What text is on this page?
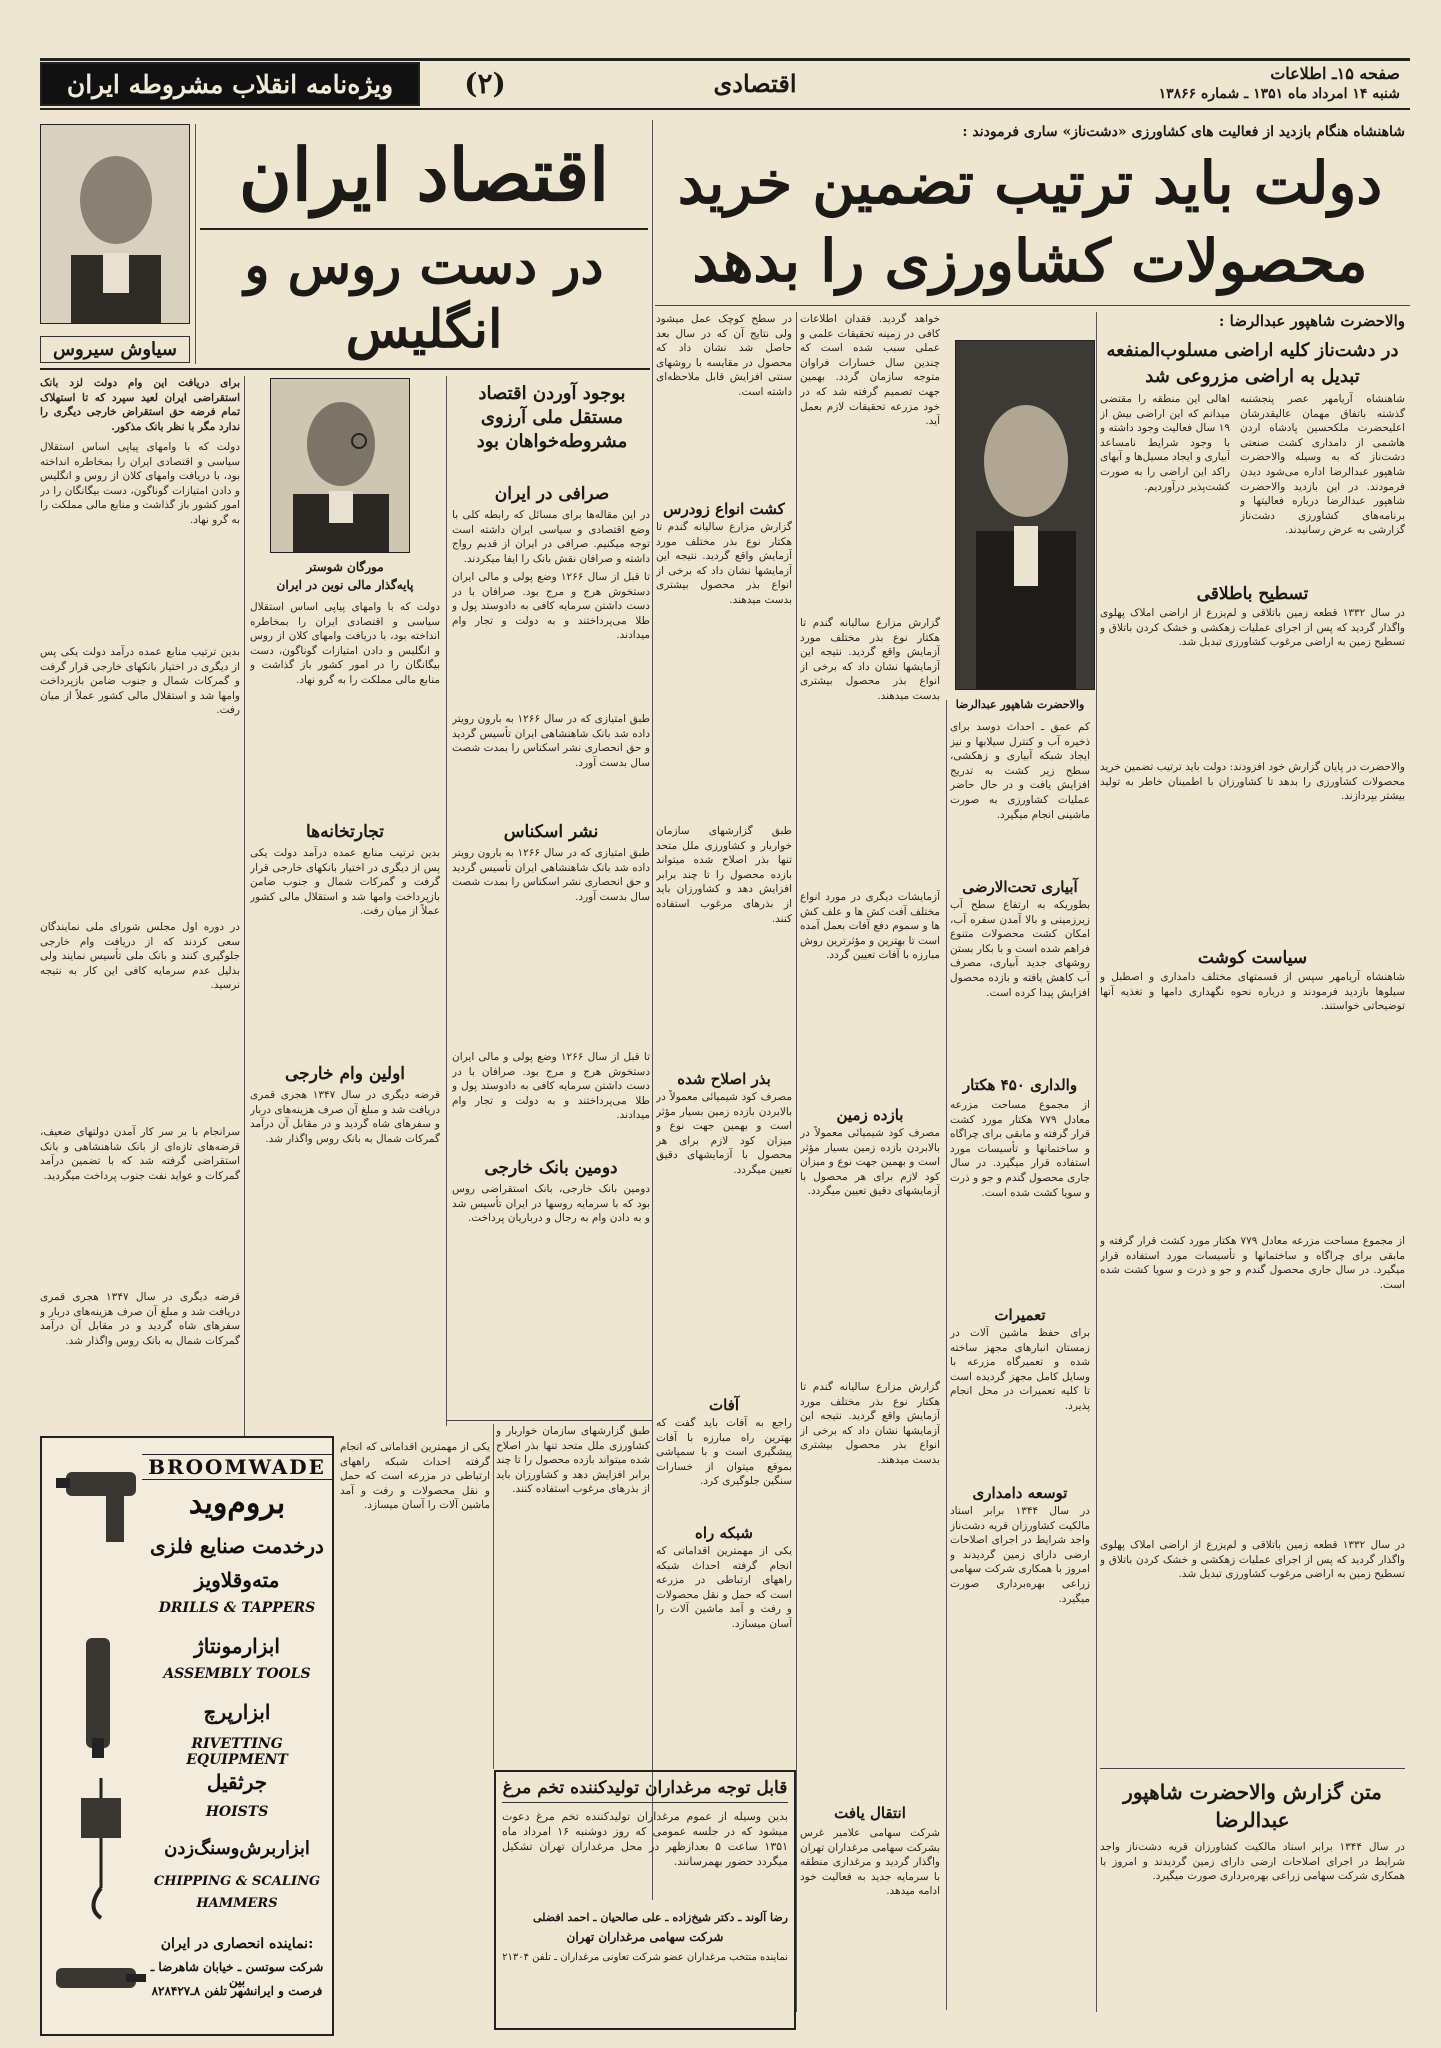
ویژه‌نامه انقلاب مشروطه ایران	(۲)	اقتصادی	صفحه ۱۵ـ اطلاعات
شنبه ۱۴ امرداد ماه ۱۳۵۱ ـ شماره ۱۳۸۶۶
شاهنشاه هنگام بازدید از فعالیت های کشاورزی «دشت‌ناز» ساری فرمودند :
دولت باید ترتیب تضمین خرید
محصولات کشاورزی را بدهد
سیاوش سیروس
اقتصاد ایران
در دست روس و انگلیس
برای دریافت این وام دولت لزد بانک استقراضی ایران لعید سپرد که تا استهلاک تمام فرضه حق استقراض خارجی دیگری را ندارد مگر با نظر بانک مذکور.
دولت که با وامهای پیاپی اساس استقلال سیاسی و اقتصادی ایران را بمخاطره انداخته بود، با دریافت وامهای کلان از روس و انگلیس و دادن امتیازات گوناگون، دست بیگانگان را در امور کشور باز گذاشت و منابع مالی مملکت را به گرو نهاد.
بدین ترتیب منابع عمده درآمد دولت یکی پس از دیگری در اختیار بانکهای خارجی قرار گرفت و گمرکات شمال و جنوب ضامن بازپرداخت وامها شد و استقلال مالی کشور عملاً از میان رفت.
در دوره اول مجلس شورای ملی نمایندگان سعی کردند که از دریافت وام خارجی جلوگیری کنند و بانک ملی تأسیس نمایند ولی بدلیل عدم سرمایه کافی این کار به نتیجه نرسید.
سرانجام با بر سر کار آمدن دولتهای ضعیف، قرضه‌های تازه‌ای از بانک شاهنشاهی و بانک استقراضی گرفته شد که با تضمین درآمد گمرکات و عواید نفت جنوب پرداخت میگردید.
قرضه دیگری در سال ۱۳۴۷ هجری قمری دریافت شد و مبلغ آن صرف هزینه‌های دربار و سفرهای شاه گردید و در مقابل آن درآمد گمرکات شمال به بانک روس واگذار شد.
مورگان شوستر
پایه‌گذار مالی نوین در ایران
دولت که با وامهای پیاپی اساس استقلال سیاسی و اقتصادی ایران را بمخاطره انداخته بود، با دریافت وامهای کلان از روس و انگلیس و دادن امتیازات گوناگون، دست بیگانگان را در امور کشور باز گذاشت و منابع مالی مملکت را به گرو نهاد.
تجارتخانه‌ها
بدین ترتیب منابع عمده درآمد دولت یکی پس از دیگری در اختیار بانکهای خارجی قرار گرفت و گمرکات شمال و جنوب ضامن بازپرداخت وامها شد و استقلال مالی کشور عملاً از میان رفت.
اولین وام خارجی
قرضه دیگری در سال ۱۳۴۷ هجری قمری دریافت شد و مبلغ آن صرف هزینه‌های دربار و سفرهای شاه گردید و در مقابل آن درآمد گمرکات شمال به بانک روس واگذار شد.
بوجود آوردن اقتصاد مستقل ملی آرزوی مشروطه‌خواهان بود
صرافی در ایران
در این مقاله‌ها برای مسائل که رابطه کلی با وضع اقتصادی و سیاسی ایران داشته است توجه میکنیم. صرافی در ایران از قدیم رواج داشته و صرافان نقش بانک را ایفا میکردند.
تا قبل از سال ۱۲۶۶ وضع پولی و مالی ایران دستخوش هرج و مرج بود. صرافان با در دست داشتن سرمایه کافی به دادوستد پول و طلا می‌پرداختند و به دولت و تجار وام میدادند.
طبق امتیازی که در سال ۱۲۶۶ به بارون رویتر داده شد بانک شاهنشاهی ایران تأسیس گردید و حق انحصاری نشر اسکناس را بمدت شصت سال بدست آورد.
نشر اسکناس
طبق امتیازی که در سال ۱۲۶۶ به بارون رویتر داده شد بانک شاهنشاهی ایران تأسیس گردید و حق انحصاری نشر اسکناس را بمدت شصت سال بدست آورد.
تا قبل از سال ۱۲۶۶ وضع پولی و مالی ایران دستخوش هرج و مرج بود. صرافان با در دست داشتن سرمایه کافی به دادوستد پول و طلا می‌پرداختند و به دولت و تجار وام میدادند.
دومین بانک خارجی
دومین بانک خارجی، بانک استقراضی روس بود که با سرمایه روسها در ایران تأسیس شد و به دادن وام به رجال و درباریان پرداخت.
والاحضرت شاهپور عبدالرضا :
در دشت‌ناز کلیه اراضی مسلوب‌المنفعه
تبدیل به اراضی مزروعی شد
شاهنشاه آریامهر عصر پنجشنبه گذشته باتفاق مهمان عالیقدرشان اعلیحضرت ملکحسین پادشاه اردن هاشمی از دامداری کشت صنعتی دشت‌ناز که به وسیله والاحضرت شاهپور عبدالرضا اداره می‌شود دیدن فرمودند. در این بازدید والاحضرت شاهپور عبدالرضا درباره فعالیتها و برنامه‌های کشاورزی دشت‌ناز گزارشی به عرض رسانیدند.
اهالی این منطقه را مقتضی میدانم که این اراضی بیش از ۱۹ سال فعالیت وجود داشته و با وجود شرایط نامساعد آبیاری و ایجاد مسیل‌ها و آبهای راکد این اراضی را به صورت کشت‌پذیر درآوردیم.
والاحضرت شاهپور عبدالرضا
تسطیح باطلاقی
در سال ۱۳۳۲ قطعه زمین باتلاقی و لم‌یزرع از اراضی املاک پهلوی واگذار گردید که پس از اجرای عملیات زهکشی و خشک کردن باتلاق و تسطیح زمین به اراضی مرغوب کشاورزی تبدیل شد.
کم عمق ـ احداث دوسد برای ذخیره آب و کنترل سیلابها و نیز ایجاد شبکه آبیاری و زهکشی، سطح زیر کشت به تدریج افزایش یافت و در حال حاضر عملیات کشاورزی به صورت ماشینی انجام میگیرد.
آبیاری تحت‌الارضی
بطوریکه به ارتفاع سطح آب زیرزمینی و بالا آمدن سفره آب، امکان کشت محصولات متنوع فراهم شده است و با بکار بستن روشهای جدید آبیاری، مصرف آب کاهش یافته و بازده محصول افزایش پیدا کرده است.
والداری ۴۵۰ هکتار
از مجموع مساحت مزرعه معادل ۷۷۹ هکتار مورد کشت قرار گرفته و مابقی برای چراگاه و ساختمانها و تأسیسات مورد استفاده قرار میگیرد. در سال جاری محصول گندم و جو و ذرت و سویا کشت شده است.
تعمیرات
برای حفظ ماشین آلات در زمستان انبارهای مجهز ساخته شده و تعمیرگاه مزرعه با وسایل کامل مجهز گردیده است تا کلیه تعمیرات در محل انجام پذیرد.
توسعه دامداری
در سال ۱۳۴۴ برابر اسناد مالکیت کشاورزان قریه دشت‌ناز واجد شرایط در اجرای اصلاحات ارضی دارای زمین گردیدند و امروز با همکاری شرکت سهامی زراعی بهره‌برداری صورت میگیرد.
والاحضرت در پایان گزارش خود افزودند: دولت باید ترتیب تضمین خرید محصولات کشاورزی را بدهد تا کشاورزان با اطمینان خاطر به تولید بیشتر بپردازند.
سیاست کوشت
شاهنشاه آریامهر سپس از قسمتهای مختلف دامداری و اصطبل و سیلوها بازدید فرمودند و درباره نحوه نگهداری دامها و تغذیه آنها توضیحاتی خواستند.
از مجموع مساحت مزرعه معادل ۷۷۹ هکتار مورد کشت قرار گرفته و مابقی برای چراگاه و ساختمانها و تأسیسات مورد استفاده قرار میگیرد. در سال جاری محصول گندم و جو و ذرت و سویا کشت شده است.
در سال ۱۳۳۲ قطعه زمین باتلاقی و لم‌یزرع از اراضی املاک پهلوی واگذار گردید که پس از اجرای عملیات زهکشی و خشک کردن باتلاق و تسطیح زمین به اراضی مرغوب کشاورزی تبدیل شد.
متن گزارش والاحضرت شاهپور عبدالرضا
در سال ۱۳۴۴ برابر اسناد مالکیت کشاورزان قریه دشت‌ناز واجد شرایط در اجرای اصلاحات ارضی دارای زمین گردیدند و امروز با همکاری شرکت سهامی زراعی بهره‌برداری صورت میگیرد.
خواهد گردید. فقدان اطلاعات کافی در زمینه تحقیقات علمی و عملی سبب شده است که چندین سال خسارات فراوان متوجه سازمان گردد. بهمین جهت تصمیم گرفته شد که در خود مزرعه تحقیقات لازم بعمل آید.
گزارش مزارع سالیانه گندم تا هکتار نوع بذر مختلف مورد آزمایش واقع گردید. نتیجه این آزمایشها نشان داد که برخی از انواع بذر محصول بیشتری بدست میدهند.
آزمایشات دیگری در مورد انواع مختلف آفت کش ها و علف کش ها و سموم دفع آفات بعمل آمده است تا بهترین و مؤثرترین روش مبارزه با آفات تعیین گردد.
بازده زمین
مصرف کود شیمیائی معمولاً در بالابردن بازده زمین بسیار مؤثر است و بهمین جهت نوع و میزان کود لازم برای هر محصول با آزمایشهای دقیق تعیین میگردد.
گزارش مزارع سالیانه گندم تا هکتار نوع بذر مختلف مورد آزمایش واقع گردید. نتیجه این آزمایشها نشان داد که برخی از انواع بذر محصول بیشتری بدست میدهند.
انتقال یافت
شرکت سهامی علامیر غرس بشرکت سهامی مرغداران تهران واگذار گردید و مرغداری منطقه با سرمایه جدید به فعالیت خود ادامه میدهد.
در سطح کوچک عمل میشود ولی نتایج آن که در سال بعد حاصل شد نشان داد که محصول در مقایسه با روشهای سنتی افزایش قابل ملاحظه‌ای داشته است.
کشت انواع زودرس
گزارش مزارع سالیانه گندم تا هکتار نوع بذر مختلف مورد آزمایش واقع گردید. نتیجه این آزمایشها نشان داد که برخی از انواع بذر محصول بیشتری بدست میدهند.
طبق گزارشهای سازمان خواربار و کشاورزی ملل متحد تنها بذر اصلاح شده میتواند بازده محصول را تا چند برابر افزایش دهد و کشاورزان باید از بذرهای مرغوب استفاده کنند.
بذر اصلاح شده
مصرف کود شیمیائی معمولاً در بالابردن بازده زمین بسیار مؤثر است و بهمین جهت نوع و میزان کود لازم برای هر محصول با آزمایشهای دقیق تعیین میگردد.
آفات
راجع به آفات باید گفت که بهترین راه مبارزه با آفات پیشگیری است و با سمپاشی بموقع میتوان از خسارات سنگین جلوگیری کرد.
شبکه راه
یکی از مهمترین اقداماتی که انجام گرفته احداث شبکه راههای ارتباطی در مزرعه است که حمل و نقل محصولات و رفت و آمد ماشین آلات را آسان میسازد.
طبق گزارشهای سازمان خواربار و کشاورزی ملل متحد تنها بذر اصلاح شده میتواند بازده محصول را تا چند برابر افزایش دهد و کشاورزان باید از بذرهای مرغوب استفاده کنند.
یکی از مهمترین اقداماتی که انجام گرفته احداث شبکه راههای ارتباطی در مزرعه است که حمل و نقل محصولات و رفت و آمد ماشین آلات را آسان میسازد.
BROOMWADE
بروم‌وید
درخدمت صنایع فلزی
مته‌وقلاویز
DRILLS & TAPPERS
ابزارمونتاژ
ASSEMBLY TOOLS
ابزارپرچ
RIVETTING EQUIPMENT
جرثقیل
HOISTS
ابزاربرش‌وسنگ‌زدن
CHIPPING & SCALING
HAMMERS
نماینده انحصاری در ایران:
شرکت سوتسن ـ خیابان شاهرضا ـ بین
فرصت و ایرانشهر تلفن ۸ـ۸۲۸۴۲۷
قابل توجه مرغداران تولیدکننده تخم مرغ
بدین وسیله از عموم مرغداران تولیدکننده تخم مرغ دعوت میشود که در جلسه عمومی که روز دوشنبه ۱۶ امرداد ماه ۱۳۵۱ ساعت ۵ بعدازظهر در محل مرغداران تهران تشکیل میگردد حضور بهمرسانند.
رضا آلوند ـ دکتر شیخ‌زاده ـ علی صالحیان ـ احمد افضلی
شرکت سهامی مرغداران تهران
نماینده منتخب مرغداران عضو شرکت تعاونی مرغداران ـ تلفن ۲۱۳۰۴
